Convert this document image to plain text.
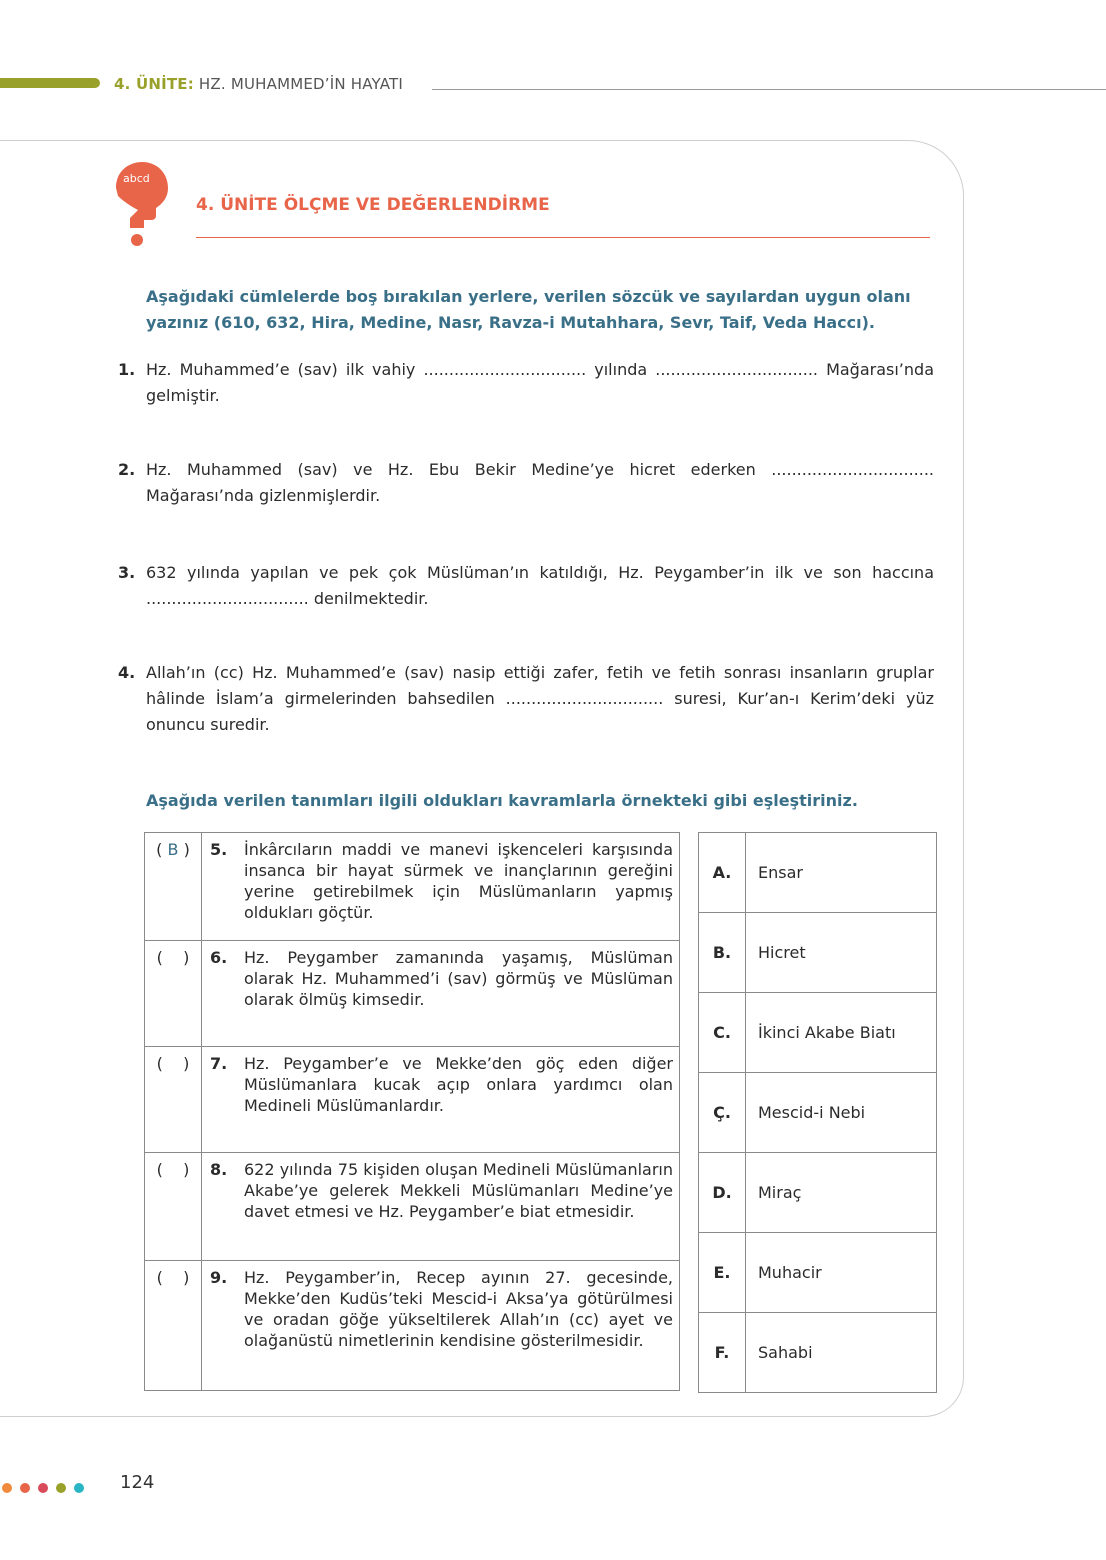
4. ÜNİTE: HZ. MUHAMMED’İN HAYATI
abcd
4. ÜNİTE ÖLÇME VE DEĞERLENDİRME
Aşağıdaki cümlelerde boş bırakılan yerlere, verilen sözcük ve sayılardan uygun olanı yazınız (610, 632, Hira, Medine, Nasr, Ravza-i Mutahhara, Sevr, Taif, Veda Haccı).
1. Hz. Muhammed’e (sav) ilk vahiy ................................ yılında ................................ Mağarası’nda gelmiştir.
2. Hz. Muhammed (sav) ve Hz. Ebu Bekir Medine’ye hicret ederken ................................ Mağarası’nda gizlenmişlerdir.
3. 632 yılında yapılan ve pek çok Müslüman’ın katıldığı, Hz. Peygamber’in ilk ve son haccına ................................ denilmektedir.
4. Allah’ın (cc) Hz. Muhammed’e (sav) nasip ettiği zafer, fetih ve fetih sonrası insanların gruplar hâlinde İslam’a girmelerinden bahsedilen ............................... suresi, Kur’an-ı Kerim’deki yüz onuncu suredir.
Aşağıda verilen tanımları ilgili oldukları kavramlarla örnekteki gibi eşleştiriniz.
( B )	5. İnkârcıların maddi ve manevi işkenceleri karşısında insanca bir hayat sürmek ve inançlarının gereğini yerine getirebilmek için Müslümanların yapmış oldukları göçtür.
(    )	6. Hz. Peygamber zamanında yaşamış, Müslüman olarak Hz. Muhammed’i (sav) görmüş ve Müslüman olarak ölmüş kimsedir.
(    )	7. Hz. Peygamber’e ve Mekke’den göç eden diğer Müslümanlara kucak açıp onlara yardımcı olan Medineli Müslümanlardır.
(    )	8. 622 yılında 75 kişiden oluşan Medineli Müslümanların Akabe’ye gelerek Mekkeli Müslümanları Medine’ye davet etmesi ve Hz. Peygamber’e biat etmesidir.
(    )	9. Hz. Peygamber’in, Recep ayının 27. gecesinde, Mekke’den Kudüs’teki Mescid-i Aksa’ya götürülmesi ve oradan göğe yükseltilerek Allah’ın (cc) ayet ve olağanüstü nimetlerinin kendisine gösterilmesidir.
A.	Ensar
B.	Hicret
C.	İkinci Akabe Biatı
Ç.	Mescid-i Nebi
D.	Miraç
E.	Muhacir
F.	Sahabi
124
